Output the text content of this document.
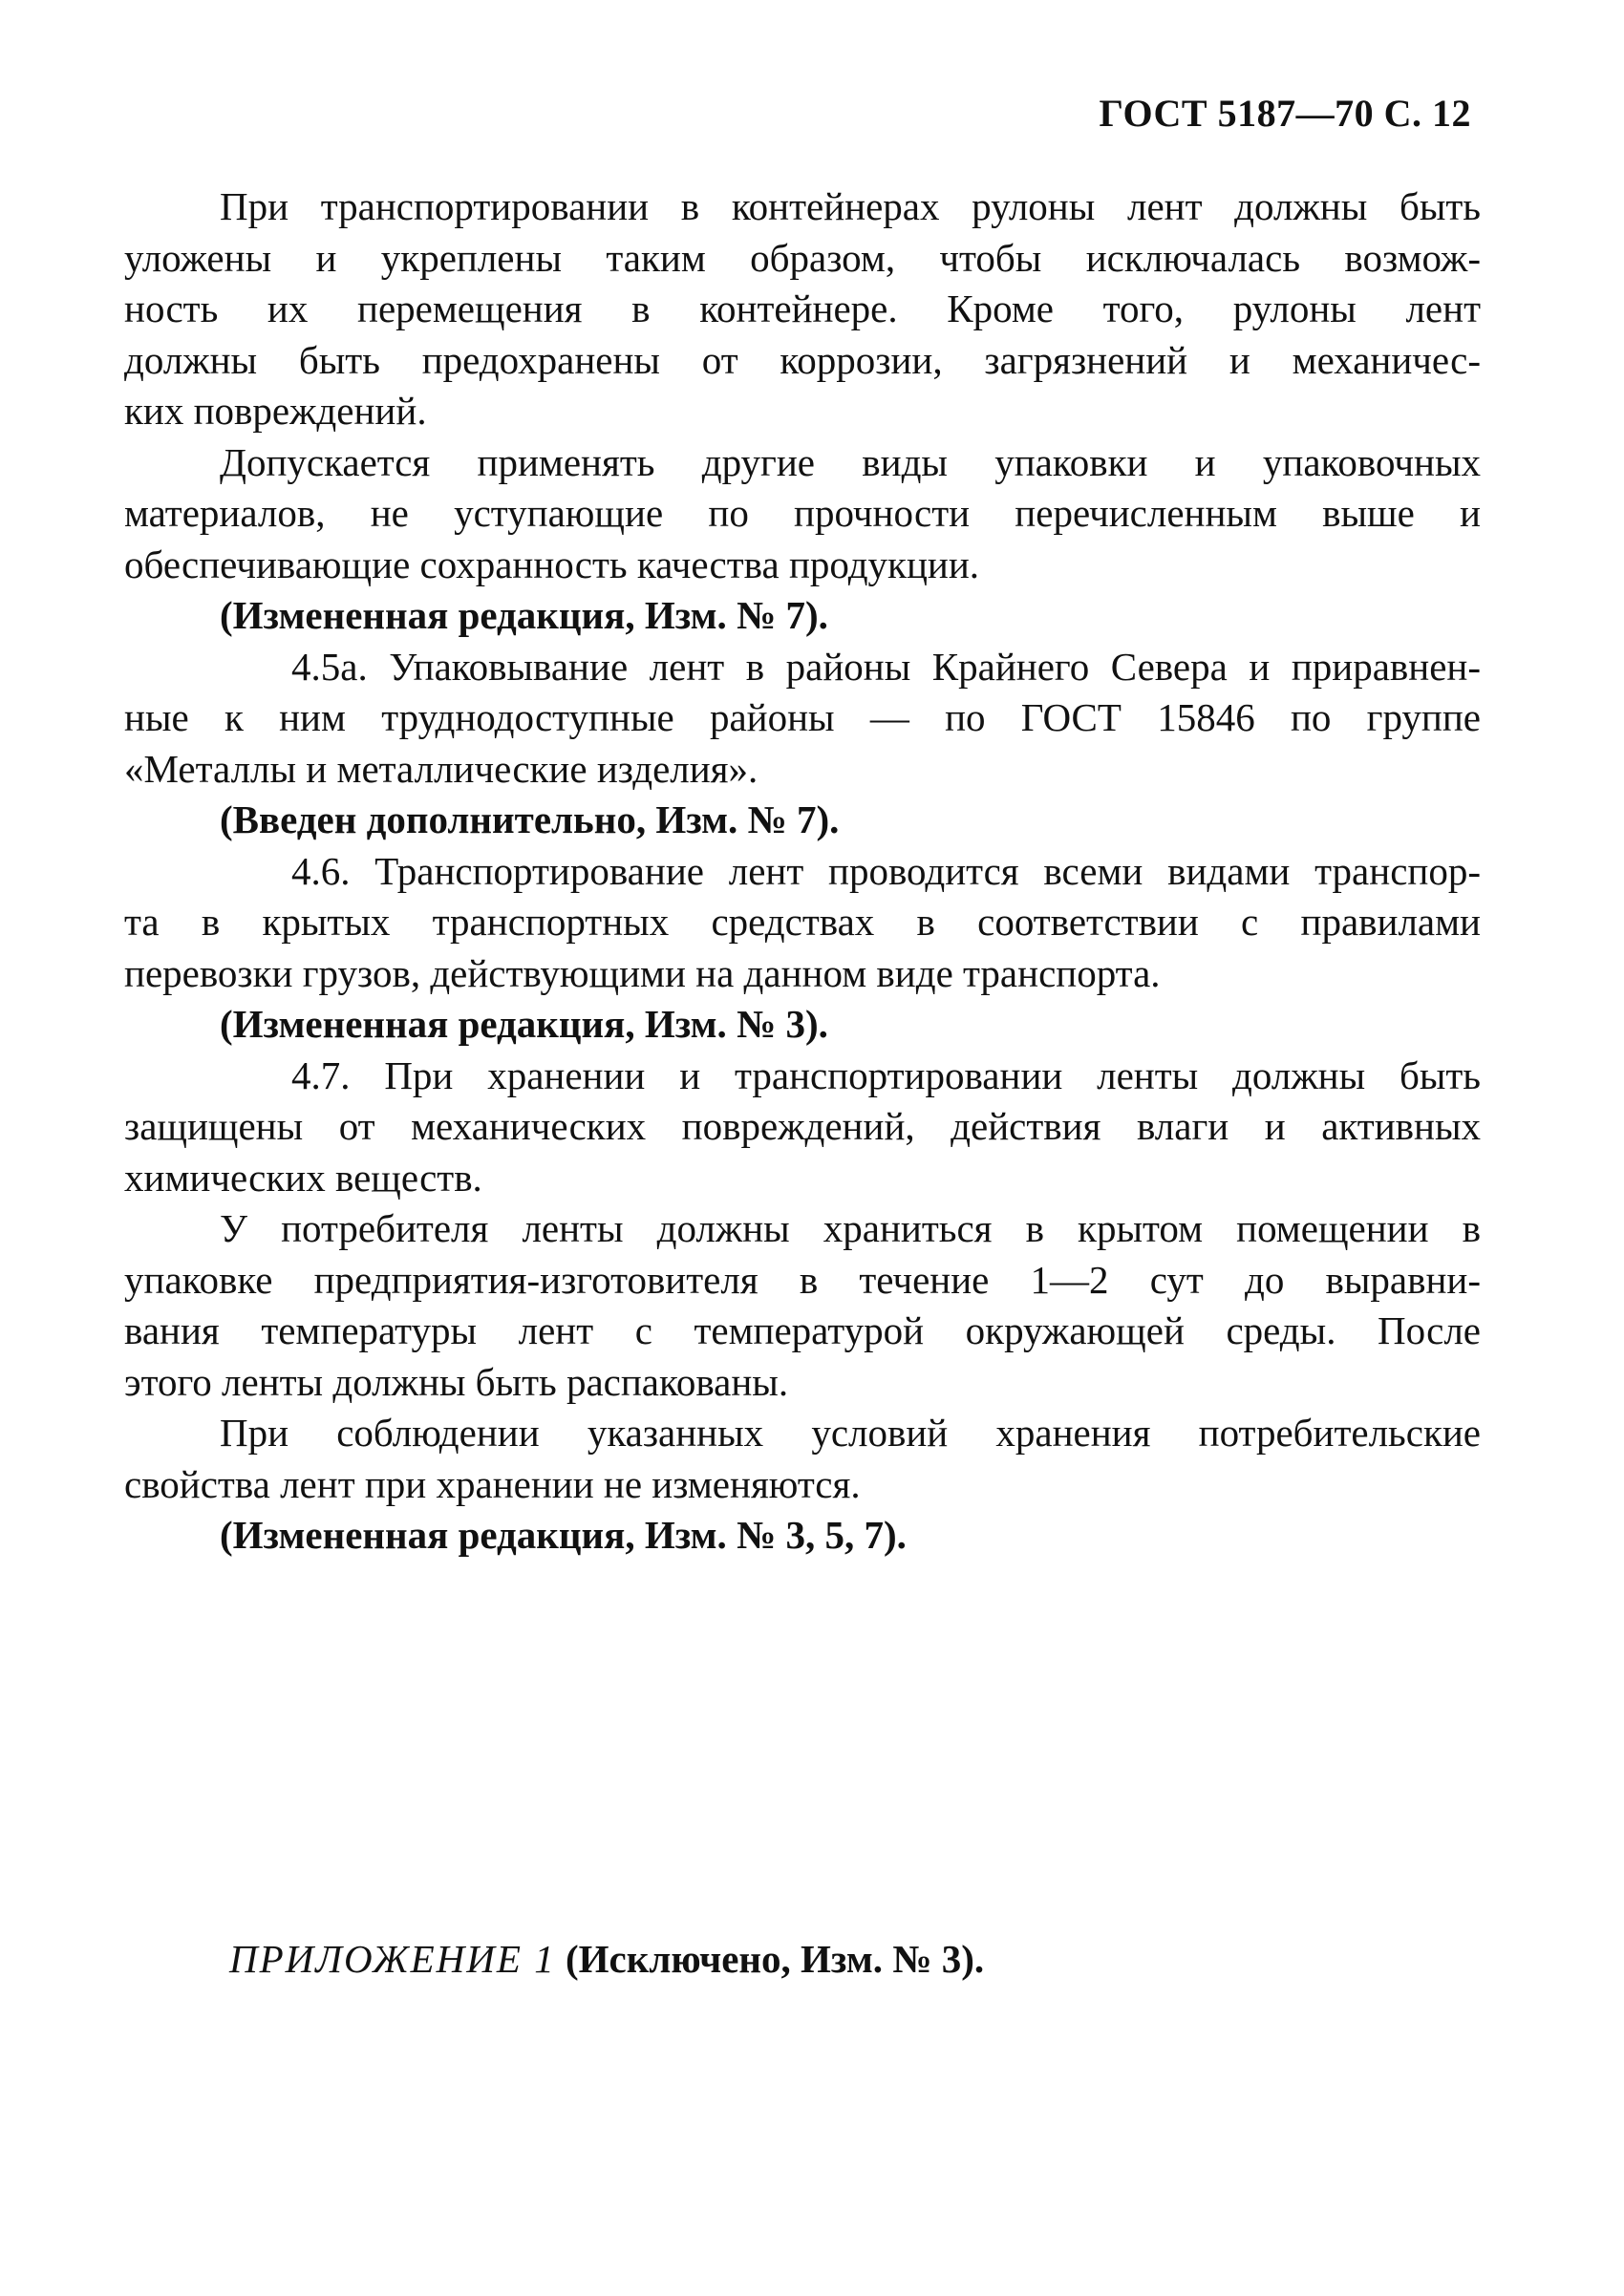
ГОСТ 5187—70 С. 12
При транспортировании в контейнерах рулоны лент должны быть
уложены и укреплены таким образом, чтобы исключалась возмож-
ность их перемещения в контейнере. Кроме того, рулоны лент
должны быть предохранены от коррозии, загрязнений и механичес-
ких повреждений.
Допускается применять другие виды упаковки и упаковочных
материалов, не уступающие по прочности перечисленным выше и
обеспечивающие сохранность качества продукции.
(Измененная редакция, Изм. № 7).
4.5а. Упаковывание лент в районы Крайнего Севера и приравнен-
ные к ним труднодоступные районы — по ГОСТ 15846 по группе
«Металлы и металлические изделия».
(Введен дополнительно, Изм. № 7).
4.6. Транспортирование лент проводится всеми видами транспор-
та в крытых транспортных средствах в соответствии с правилами
перевозки грузов, действующими на данном виде транспорта.
(Измененная редакция, Изм. № 3).
4.7. При хранении и транспортировании ленты должны быть
защищены от механических повреждений, действия влаги и активных
химических веществ.
У потребителя ленты должны храниться в крытом помещении в
упаковке предприятия-изготовителя в течение 1—2 сут до выравни-
вания температуры лент с температурой окружающей среды. После
этого ленты должны быть распакованы.
При соблюдении указанных условий хранения потребительские
свойства лент при хранении не изменяются.
(Измененная редакция, Изм. № 3, 5, 7).
ПРИЛОЖЕНИЕ 1 (Исключено, Изм. № 3).
